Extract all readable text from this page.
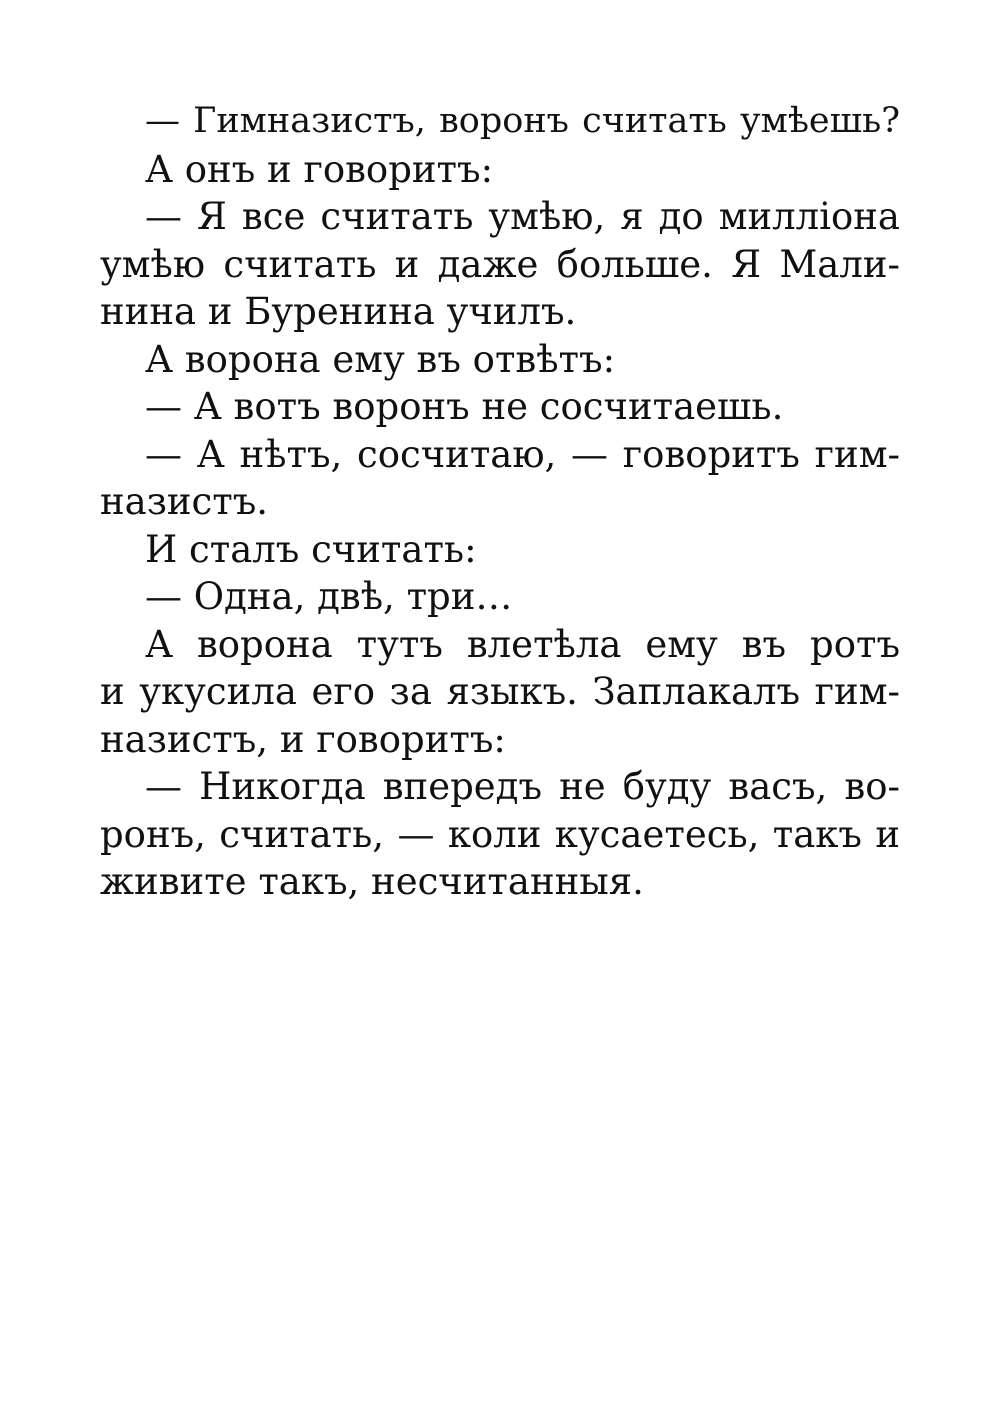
— Гимназистъ, воронъ считать умѣешь?
А онъ и говоритъ:
— Я все считать умѣю, я до милліона
умѣю считать и даже больше. Я Мали-
нина и Буренина училъ.
А ворона ему въ отвѣтъ:
— А вотъ воронъ не сосчитаешь.
— А нѣтъ, сосчитаю, — говоритъ гим-
назистъ.
И сталъ считать:
— Одна, двѣ, три…
А ворона тутъ влетѣла ему въ ротъ
и укусила его за языкъ. Заплакалъ гим-
назистъ, и говоритъ:
— Никогда впередъ не буду васъ, во-
ронъ, считать, — коли кусаетесь, такъ и
живите такъ, несчитанныя.
